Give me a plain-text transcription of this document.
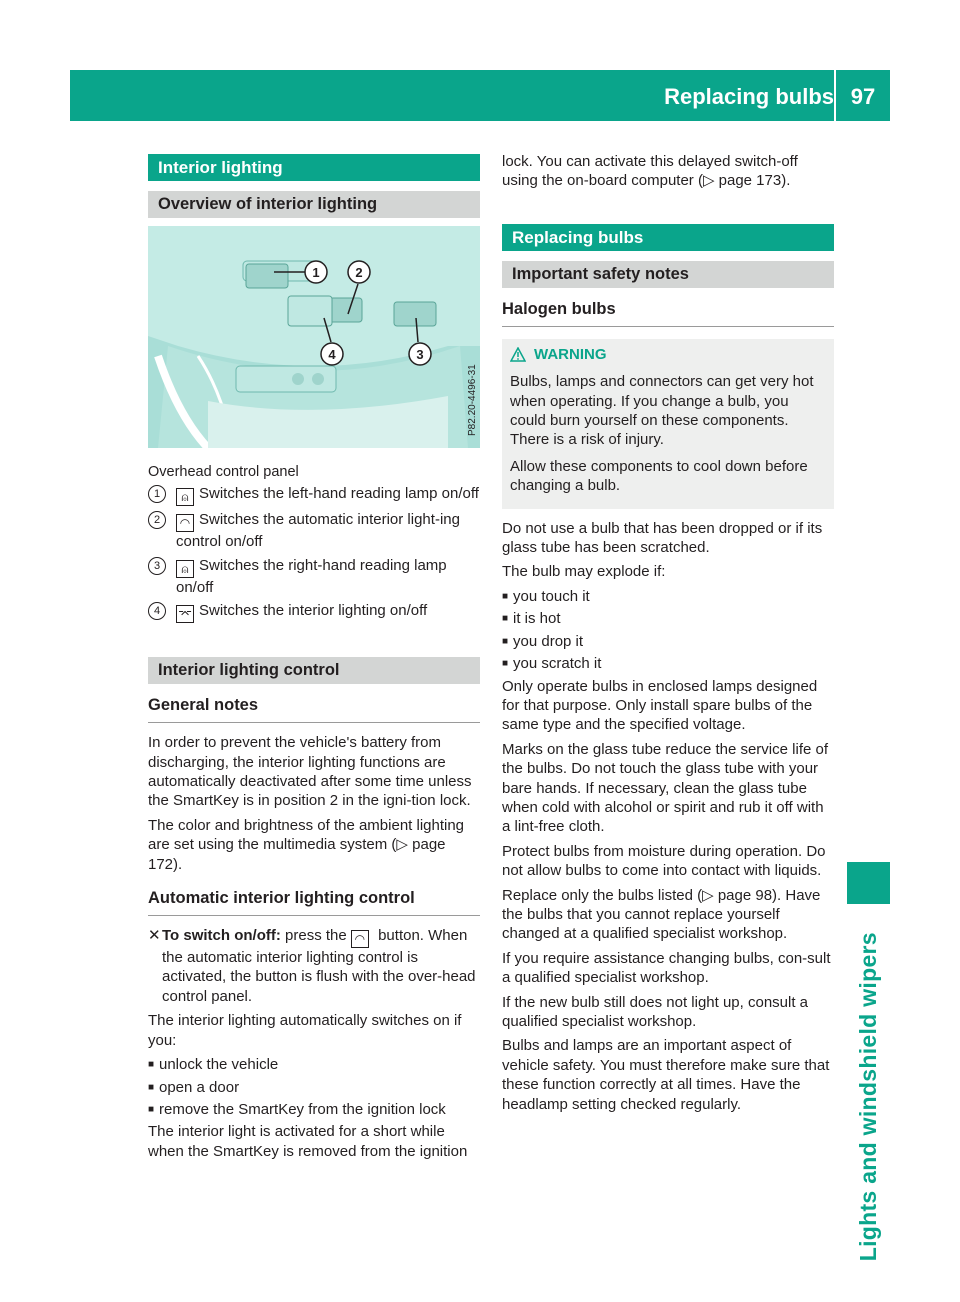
Replacing bulbs 97
Lights and windshield wipers
Interior lighting
Overview of interior lighting
1	2
3
4
P82.20-4496-31
Overhead control panel
1	⍝ Switches the left-hand reading lamp on/off
2	◠ Switches the automatic interior light-ing control on/off
3	⍝ Switches the right-hand reading lamp on/off
4	⌤ Switches the interior lighting on/off
Interior lighting control
General notes

In order to prevent the vehicle's battery from discharging, the interior lighting functions are automatically deactivated after some time unless the SmartKey is in position 2 in the igni-tion lock.

The color and brightness of the ambient lighting are set using the multimedia system (▷ page 172).

Automatic interior lighting control
✕ To switch on/off: press the ◠ button. When the automatic interior lighting control is activated, the button is flush with the over-head control panel.

The interior lighting automatically switches on if you:

■ unlock the vehicle
■ open a door
■ remove the SmartKey from the ignition lock

The interior light is activated for a short while when the SmartKey is removed from the ignition

lock. You can activate this delayed switch-off using the on-board computer (▷ page 173).

Replacing bulbs
Important safety notes
Halogen bulbs
WARNING

Bulbs, lamps and connectors can get very hot when operating. If you change a bulb, you could burn yourself on these components. There is a risk of injury.

Allow these components to cool down before changing a bulb.

Do not use a bulb that has been dropped or if its glass tube has been scratched.

The bulb may explode if:

■ you touch it
■ it is hot
■ you drop it
■ you scratch it

Only operate bulbs in enclosed lamps designed for that purpose. Only install spare bulbs of the same type and the specified voltage.

Marks on the glass tube reduce the service life of the bulbs. Do not touch the glass tube with your bare hands. If necessary, clean the glass tube when cold with alcohol or spirit and rub it off with a lint-free cloth.

Protect bulbs from moisture during operation. Do not allow bulbs to come into contact with liquids.

Replace only the bulbs listed (▷ page 98). Have the bulbs that you cannot replace yourself changed at a qualified specialist workshop.

If you require assistance changing bulbs, con-sult a qualified specialist workshop.

If the new bulb still does not light up, consult a qualified specialist workshop.

Bulbs and lamps are an important aspect of vehicle safety. You must therefore make sure that these function correctly at all times. Have the headlamp setting checked regularly.
